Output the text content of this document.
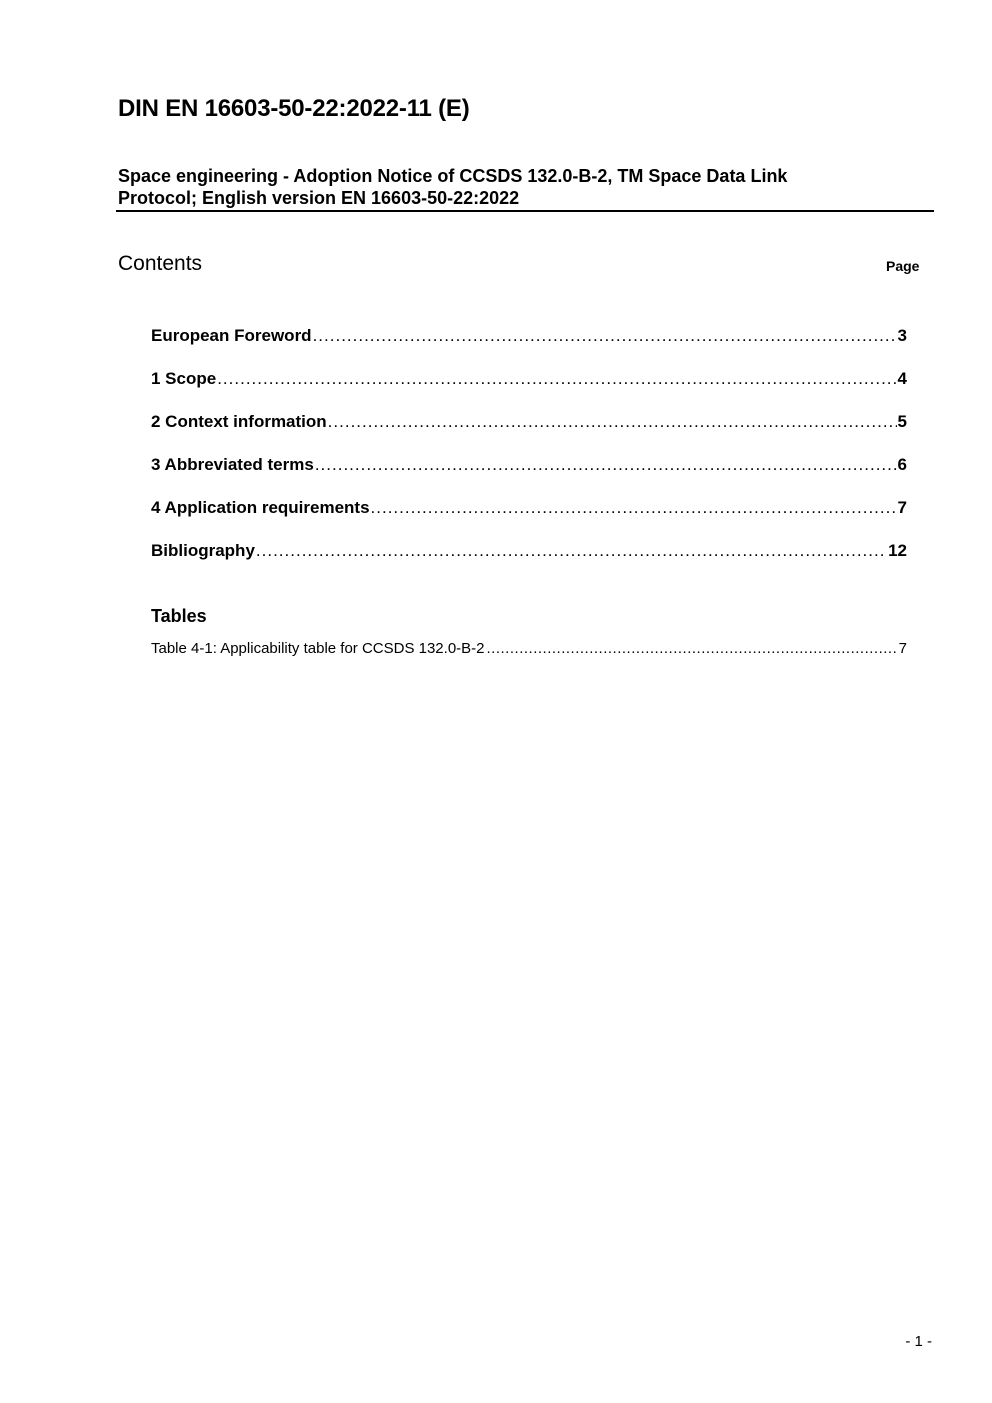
DIN EN 16603-50-22:2022-11 (E)
Space engineering - Adoption Notice of CCSDS 132.0-B-2, TM Space Data Link
Protocol; English version EN 16603-50-22:2022
Contents	Page
European Foreword .....	3
1 Scope .....	4
2 Context information .....	5
3 Abbreviated terms .....	6
4 Application requirements .....	7
Bibliography .....	12
Tables
Table 4-1: Applicability table for CCSDS 132.0-B-2 .....	7
- 1 -
